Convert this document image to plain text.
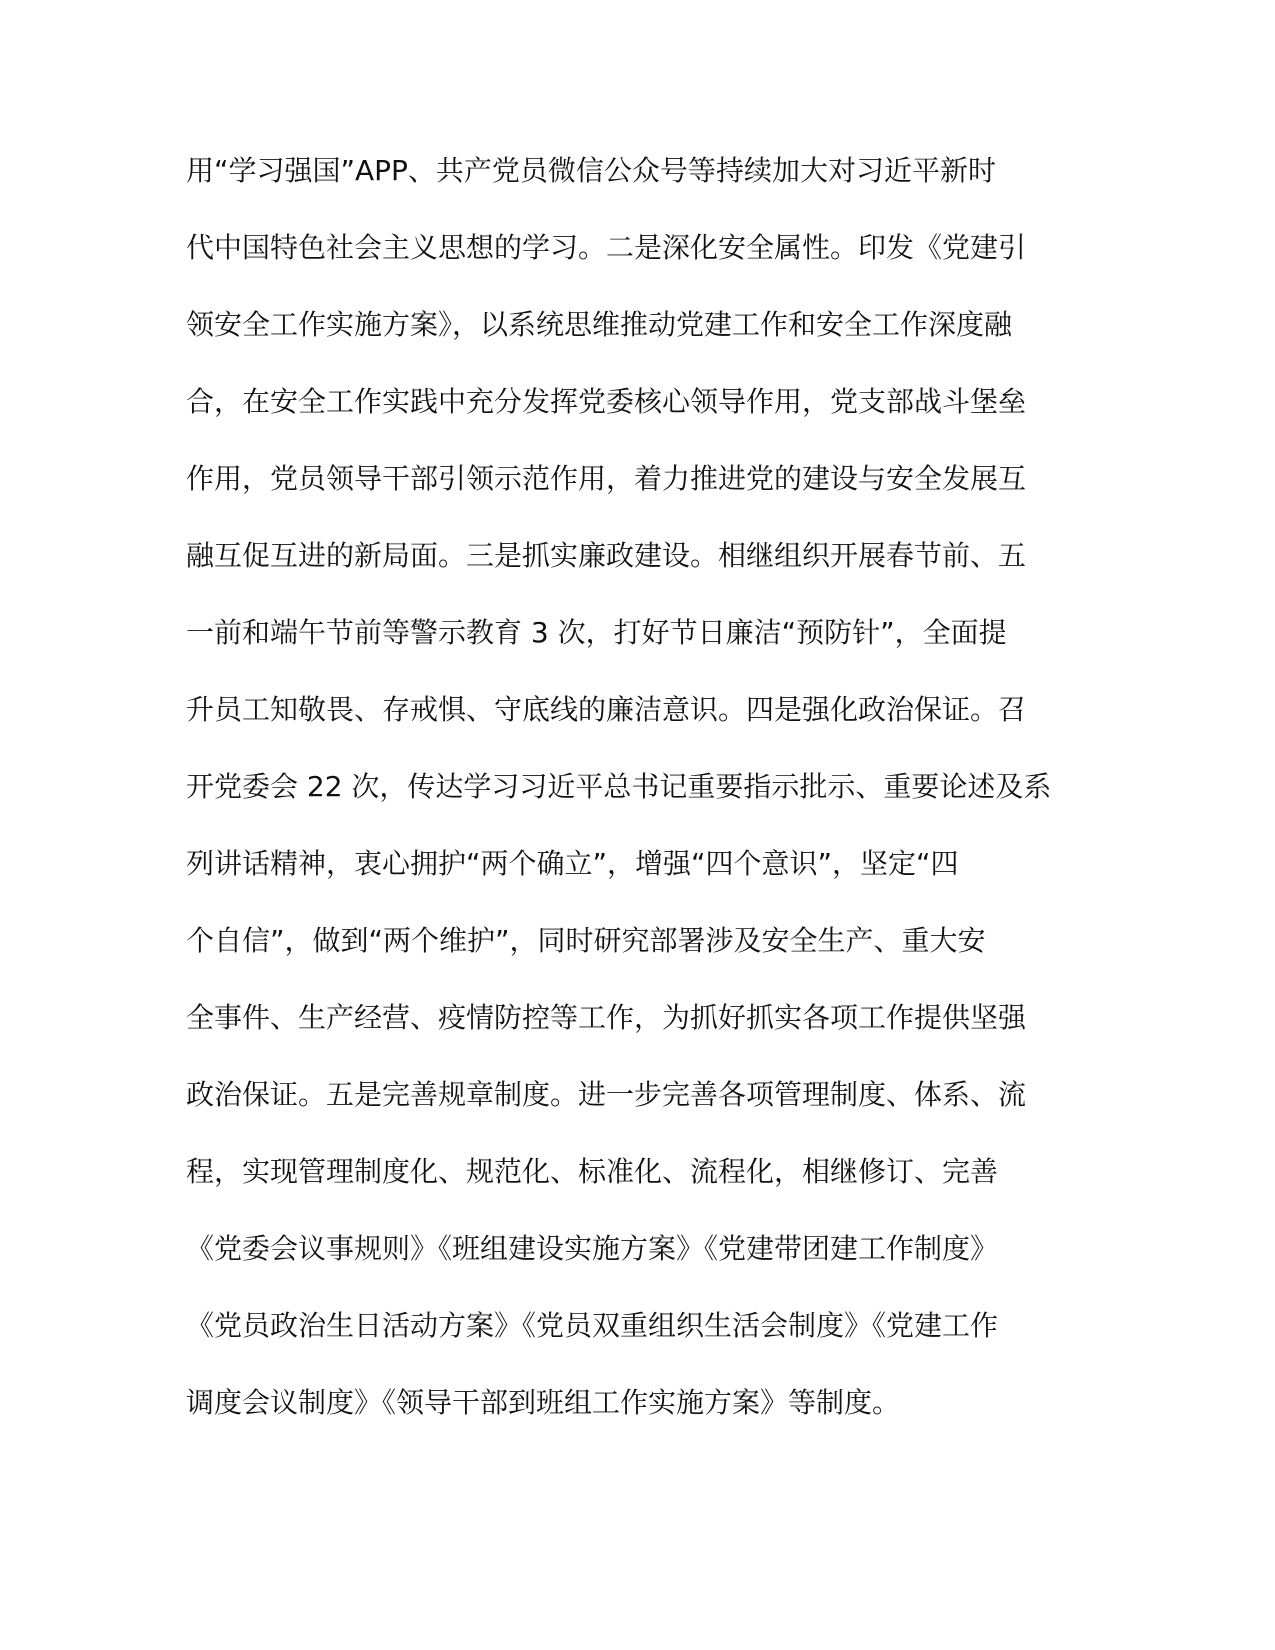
用“学习强国”APP、共产党员微信公众号等持续加大对习近平新时
代中国特色社会主义思想的学习。二是深化安全属性。印发《党建引
领安全工作实施方案》，以系统思维推动党建工作和安全工作深度融
合，在安全工作实践中充分发挥党委核心领导作用，党支部战斗堡垒
作用，党员领导干部引领示范作用，着力推进党的建设与安全发展互
融互促互进的新局面。三是抓实廉政建设。相继组织开展春节前、五
一前和端午节前等警示教育 3 次，打好节日廉洁“预防针”，全面提
升员工知敬畏、存戒惧、守底线的廉洁意识。四是强化政治保证。召
开党委会 22 次，传达学习习近平总书记重要指示批示、重要论述及系
列讲话精神，衷心拥护“两个确立”，增强“四个意识”，坚定“四
个自信”，做到“两个维护”，同时研究部署涉及安全生产、重大安
全事件、生产经营、疫情防控等工作，为抓好抓实各项工作提供坚强
政治保证。五是完善规章制度。进一步完善各项管理制度、体系、流
程，实现管理制度化、规范化、标准化、流程化，相继修订、完善
《党委会议事规则》《班组建设实施方案》《党建带团建工作制度》
《党员政治生日活动方案》《党员双重组织生活会制度》《党建工作
调度会议制度》《领导干部到班组工作实施方案》等制度。
